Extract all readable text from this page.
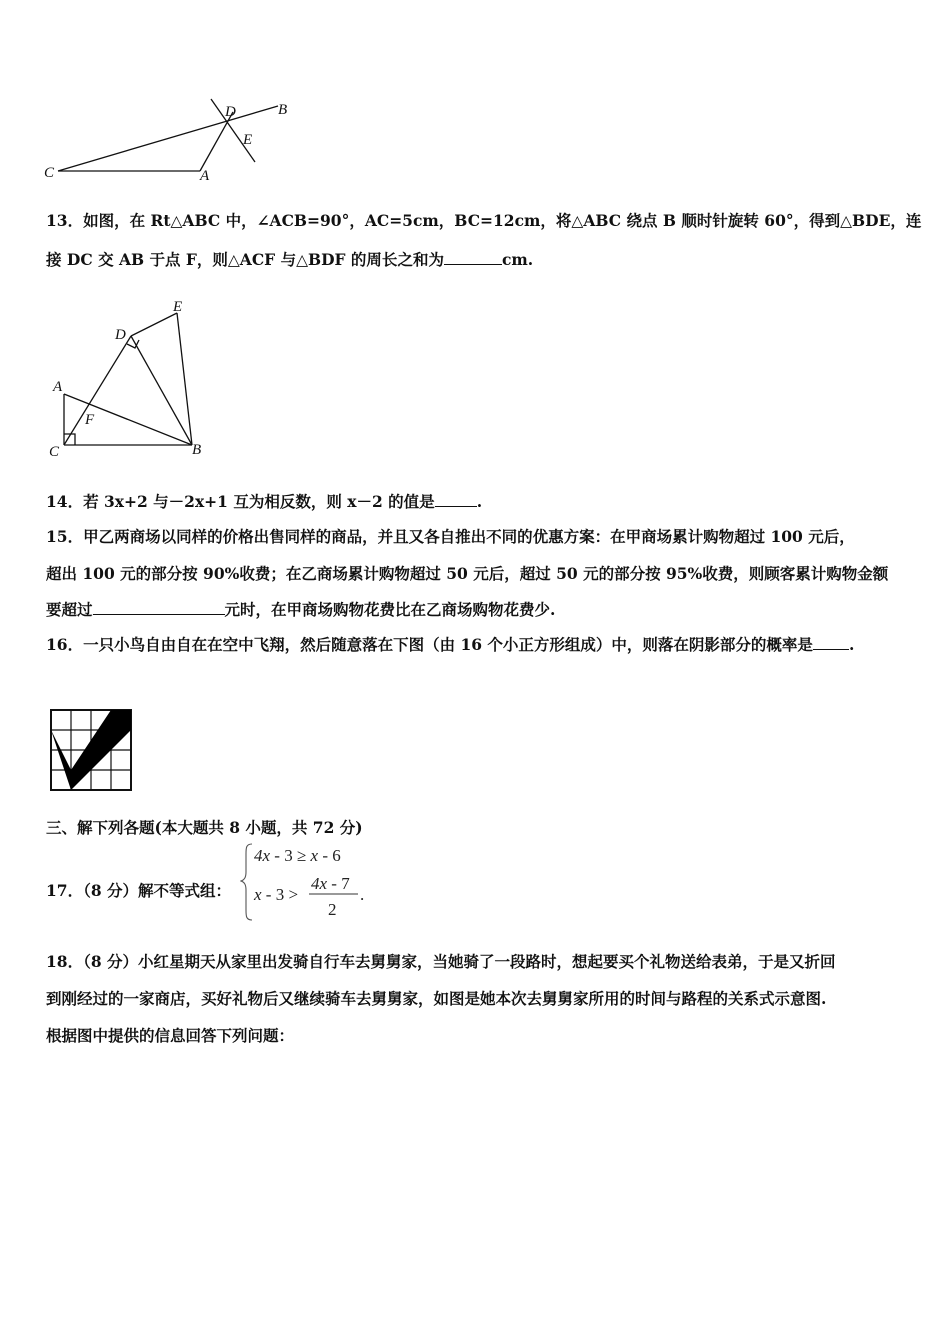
C	A
D	B
E
13．如图，在 Rt△ABC 中，∠ACB=90°，AC=5cm，BC=12cm，将△ABC 绕点 B 顺时针旋转 60°，得到△BDE，连
接 DC 交 AB 于点 F，则△ACF 与△BDF 的周长之和为	cm.
E
D
A
F
C	B
14．若 3x+2 与－2x+1 互为相反数，则 x－2 的值是	.
15．甲乙两商场以同样的价格出售同样的商品，并且又各自推出不同的优惠方案：在甲商场累计购物超过 100 元后，
超出 100 元的部分按 90%收费；在乙商场累计购物超过 50 元后，超过 50 元的部分按 95%收费，则顾客累计购物金额
要超过	元时，在甲商场购物花费比在乙商场购物花费少.
16．一只小鸟自由自在在空中飞翔，然后随意落在下图（由 16 个小正方形组成）中，则落在阴影部分的概率是 .
三、解下列各题(本大题共 8 小题，共 72 分)
17．（8 分）解不等式组：
4x - 3 ≥ x - 6
x - 3 >
4x - 7
2
.
18．（8 分）小红星期天从家里出发骑自行车去舅舅家，当她骑了一段路时，想起要买个礼物送给表弟，于是又折回
到刚经过的一家商店，买好礼物后又继续骑车去舅舅家，如图是她本次去舅舅家所用的时间与路程的关系式示意图.
根据图中提供的信息回答下列问题：
